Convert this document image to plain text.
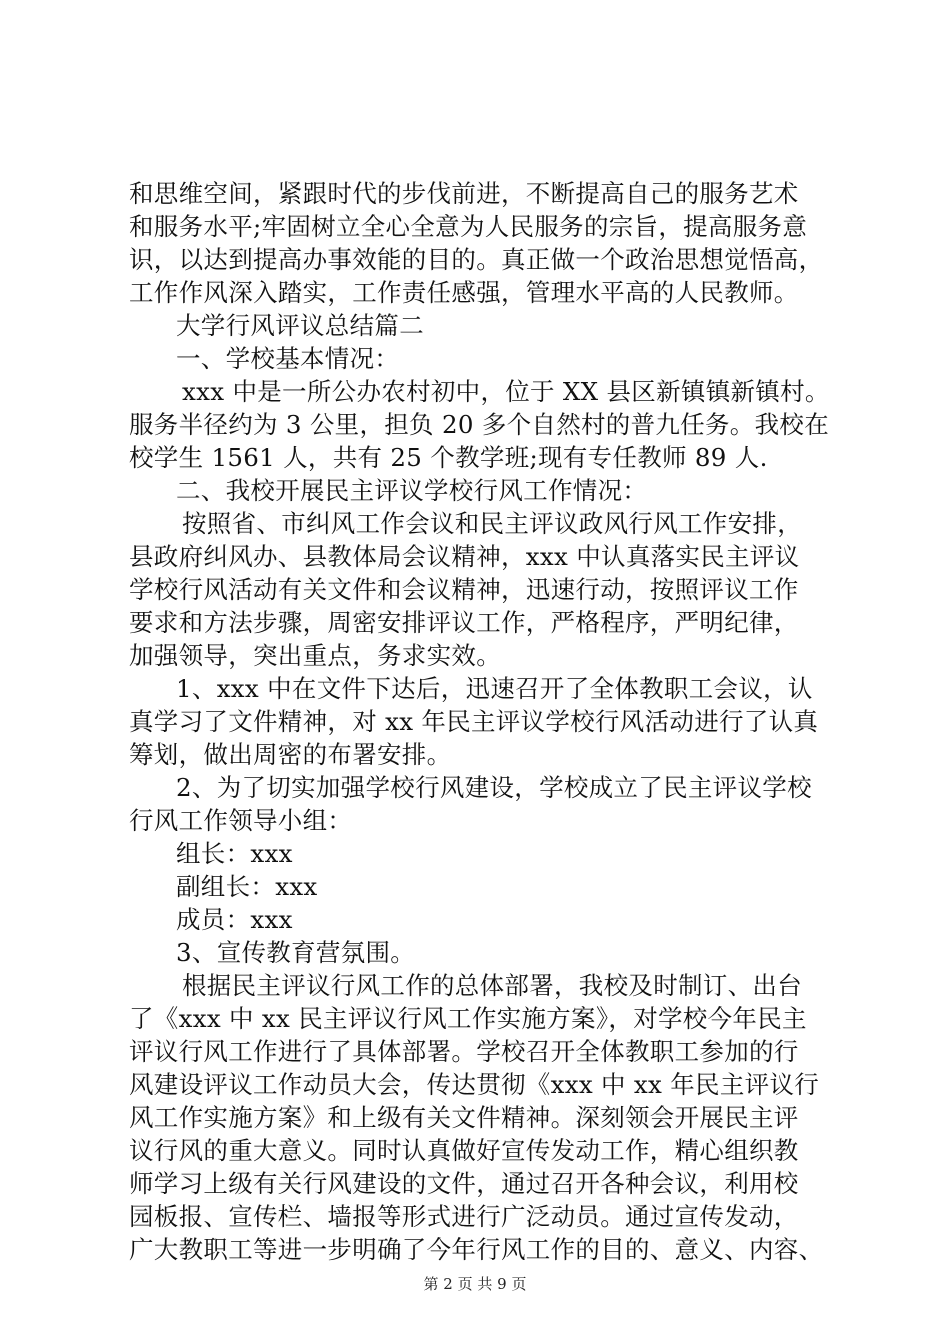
和思维空间，紧跟时代的步伐前进，不断提高自己的服务艺术
和服务水平;牢固树立全心全意为人民服务的宗旨，提高服务意
识，以达到提高办事效能的目的。真正做一个政治思想觉悟高，
工作作风深入踏实，工作责任感强，管理水平高的人民教师。
大学行风评议总结篇二
一、学校基本情况：
xxx 中是一所公办农村初中，位于 XX 县区新镇镇新镇村。
服务半径约为 3 公里，担负 20 多个自然村的普九任务。我校在
校学生 1561 人，共有 25 个教学班;现有专任教师 89 人.
二、我校开展民主评议学校行风工作情况：
按照省、市纠风工作会议和民主评议政风行风工作安排，
县政府纠风办、县教体局会议精神，xxx 中认真落实民主评议
学校行风活动有关文件和会议精神，迅速行动，按照评议工作
要求和方法步骤，周密安排评议工作，严格程序，严明纪律，
加强领导，突出重点，务求实效。
1、xxx 中在文件下达后，迅速召开了全体教职工会议，认
真学习了文件精神，对 xx 年民主评议学校行风活动进行了认真
筹划，做出周密的布署安排。
2、为了切实加强学校行风建设，学校成立了民主评议学校
行风工作领导小组：
组长：xxx
副组长：xxx
成员：xxx
3、宣传教育营氛围。
根据民主评议行风工作的总体部署，我校及时制订、出台
了《xxx 中 xx 民主评议行风工作实施方案》，对学校今年民主
评议行风工作进行了具体部署。学校召开全体教职工参加的行
风建设评议工作动员大会，传达贯彻《xxx 中 xx 年民主评议行
风工作实施方案》和上级有关文件精神。深刻领会开展民主评
议行风的重大意义。同时认真做好宣传发动工作，精心组织教
师学习上级有关行风建设的文件，通过召开各种会议，利用校
园板报、宣传栏、墙报等形式进行广泛动员。通过宣传发动，
广大教职工等进一步明确了今年行风工作的目的、意义、内容、
第 2 页 共 9 页
